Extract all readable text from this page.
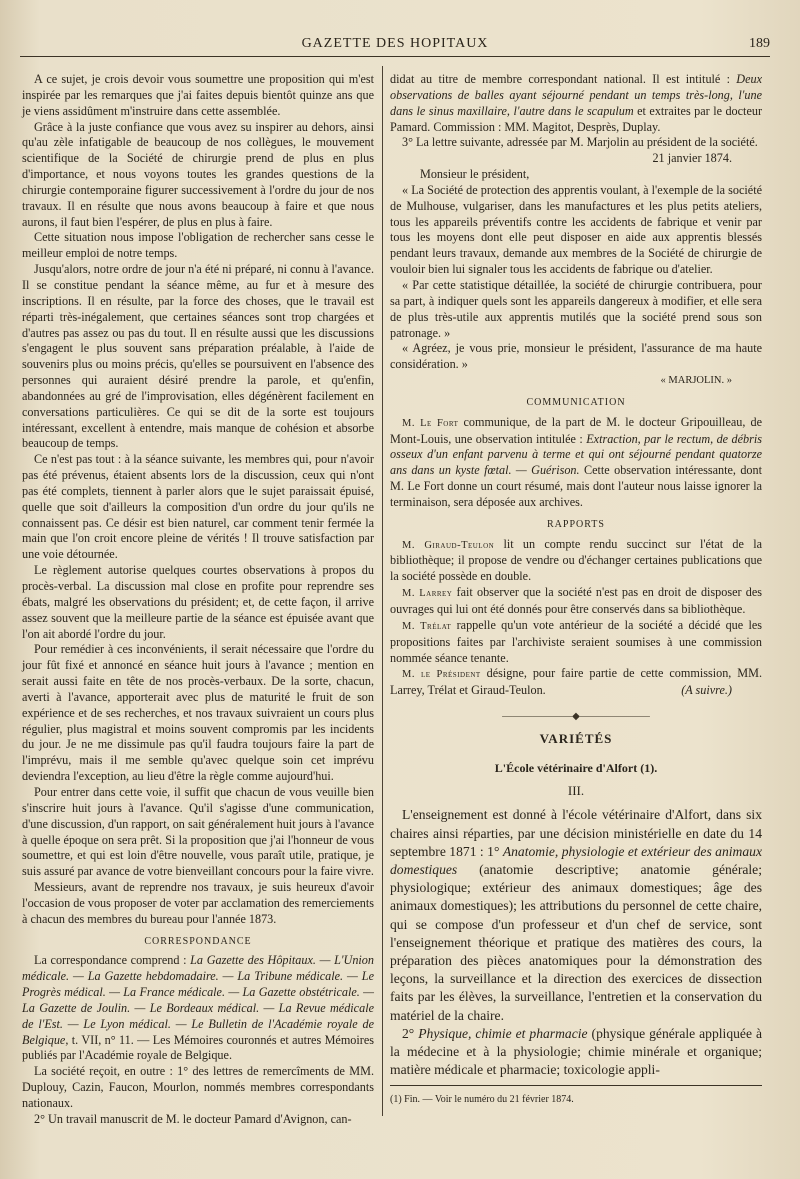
GAZETTE DES HOPITAUX	189

A ce sujet, je crois devoir vous soumettre une proposition qui m'est inspirée par les remarques que j'ai faites depuis bientôt quinze ans que je viens assidûment m'instruire dans cette assemblée.

Grâce à la juste confiance que vous avez su inspirer au dehors, ainsi qu'au zèle infatigable de beaucoup de nos collègues, le mouvement scientifique de la Société de chirurgie prend de plus en plus d'importance, et nous voyons toutes les grandes questions de la chirurgie contemporaine figurer successivement à l'ordre du jour de nos travaux. Il en résulte que nous avons beaucoup à faire et que nous aurons, il faut bien l'espérer, de plus en plus à faire.

Cette situation nous impose l'obligation de rechercher sans cesse le meilleur emploi de notre temps.

Jusqu'alors, notre ordre de jour n'a été ni préparé, ni connu à l'avance. Il se constitue pendant la séance même, au fur et à mesure des inscriptions. Il en résulte, par la force des choses, que le travail est réparti très-inégalement, que certaines séances sont trop chargées et d'autres pas assez ou pas du tout. Il en résulte aussi que les discussions s'engagent le plus souvent sans préparation préalable, à l'aide de souvenirs plus ou moins précis, qu'elles se poursuivent en l'absence des personnes qui auraient désiré prendre la parole, et qu'enfin, abandonnées au gré de l'improvisation, elles dégénèrent facilement en conversations particulières. Ce qui se dit de la sorte est toujours intéressant, excellent à entendre, mais manque de cohésion et absorbe beaucoup de temps.

Ce n'est pas tout : à la séance suivante, les membres qui, pour n'avoir pas été prévenus, étaient absents lors de la discussion, ceux qui n'ont pas été complets, tiennent à parler alors que le sujet paraissait épuisé, quelle que soit d'ailleurs la composition d'un ordre du jour qu'ils ne connaissent pas. Ce désir est bien naturel, car comment tenir fermée la main que l'on croit encore pleine de vérités ! Il trouve satisfaction par une voie détournée.

Le règlement autorise quelques courtes observations à propos du procès-verbal. La discussion mal close en profite pour reprendre ses ébats, malgré les observations du président; et, de cette façon, il arrive assez souvent que la meilleure partie de la séance est épuisée avant que l'on ait abordé l'ordre du jour.

Pour remédier à ces inconvénients, il serait nécessaire que l'ordre du jour fût fixé et annoncé en séance huit jours à l'avance ; mention en serait aussi faite en tête de nos procès-verbaux. De la sorte, chacun, averti à l'avance, apporterait avec plus de maturité le fruit de son expérience et de ses recherches, et nos travaux suivraient un cours plus régulier, plus magistral et moins souvent compromis par les incidents du jour. Je ne me dissimule pas qu'il faudra toujours faire la part de l'imprévu, mais il me semble qu'avec quelque soin cet imprévu deviendra l'exception, au lieu d'être la règle comme aujourd'hui.

Pour entrer dans cette voie, il suffit que chacun de vous veuille bien s'inscrire huit jours à l'avance. Qu'il s'agisse d'une communication, d'une discussion, d'un rapport, on sait généralement huit jours à l'avance à quelle époque on sera prêt. Si la proposition que j'ai l'honneur de vous soumettre, et qui est loin d'être nouvelle, vous paraît utile, pratique, je suis assuré par avance de votre bienveillant concours pour la faire vivre.

Messieurs, avant de reprendre nos travaux, je suis heureux d'avoir l'occasion de vous proposer de voter par acclamation des remerciements à chacun des membres du bureau pour l'année 1873.

CORRESPONDANCE

La correspondance comprend : La Gazette des Hôpitaux. — L'Union médicale. — La Gazette hebdomadaire. — La Tribune médicale. — Le Progrès médical. — La France médicale. — La Gazette obstétricale. — La Gazette de Joulin. — Le Bordeaux médical. — La Revue médicale de l'Est. — Le Lyon médical. — Le Bulletin de l'Académie royale de Belgique, t. VII, n° 11. — Les Mémoires couronnés et autres Mémoires publiés par l'Académie royale de Belgique.

La société reçoit, en outre : 1° des lettres de remercîments de MM. Duplouy, Cazin, Faucon, Mourlon, nommés membres correspondants nationaux.

2° Un travail manuscrit de M. le docteur Pamard d'Avignon, can-

didat au titre de membre correspondant national. Il est intitulé : Deux observations de balles ayant séjourné pendant un temps très-long, l'une dans le sinus maxillaire, l'autre dans le scapulum et extraites par le docteur Pamard. Commission : MM. Magitot, Desprès, Duplay.

3° La lettre suivante, adressée par M. Marjolin au président de la société.

21 janvier 1874.

Monsieur le président,

« La Société de protection des apprentis voulant, à l'exemple de la société de Mulhouse, vulgariser, dans les manufactures et les plus petits ateliers, tous les appareils préventifs contre les accidents de fabrique et venir par tous les moyens dont elle peut disposer en aide aux apprentis blessés pendant leurs travaux, demande aux membres de la Société de chirurgie de vouloir bien lui signaler tous les accidents de fabrique ou d'atelier.

« Par cette statistique détaillée, la société de chirurgie contribuera, pour sa part, à indiquer quels sont les appareils dangereux à modifier, et elle sera de plus très-utile aux apprentis mutilés que la société prend sous son patronage. »

« Agréez, je vous prie, monsieur le président, l'assurance de ma haute considération. »

« MARJOLIN. »
COMMUNICATION

M. Le Fort communique, de la part de M. le docteur Gripouilleau, de Mont-Louis, une observation intitulée : Extraction, par le rectum, de débris osseux d'un enfant parvenu à terme et qui ont séjourné pendant quatorze ans dans un kyste fœtal. — Guérison. Cette observation intéressante, dont M. Le Fort donne un court résumé, mais dont l'auteur nous laisse ignorer la terminaison, sera déposée aux archives.

RAPPORTS

M. Giraud-Teulon lit un compte rendu succinct sur l'état de la bibliothèque; il propose de vendre ou d'échanger certaines publications que la société possède en double.

M. Larrey fait observer que la société n'est pas en droit de disposer des ouvrages qui lui ont été donnés pour être conservés dans sa bibliothèque.

M. Trélat rappelle qu'un vote antérieur de la société a décidé que les propositions faites par l'archiviste seraient soumises à une commission nommée séance tenante.

M. le Président désigne, pour faire partie de cette commission, MM. Larrey, Trélat et Giraud-Teulon.	(A suivre.)

―――――――◆―――――――
VARIÉTÉS
L'École vétérinaire d'Alfort (1).
III.

L'enseignement est donné à l'école vétérinaire d'Alfort, dans six chaires ainsi réparties, par une décision ministérielle en date du 14 septembre 1871 : 1° Anatomie, physiologie et extérieur des animaux domestiques (anatomie descriptive; anatomie générale; physiologique; extérieur des animaux domestiques; âge des animaux domestiques); les attributions du personnel de cette chaire, qui se compose d'un professeur et d'un chef de service, sont l'enseignement théorique et pratique des matières des cours, la préparation des pièces anatomiques pour la démonstration des leçons, la surveillance et la direction des exercices de dissection faits par les élèves, la surveillance, l'entretien et la conservation du matériel de la chaire.

2° Physique, chimie et pharmacie (physique générale appliquée à la médecine et à la physiologie; chimie minérale et organique; matière médicale et pharmacie; toxicologie appli-

(1) Fin. — Voir le numéro du 21 février 1874.
